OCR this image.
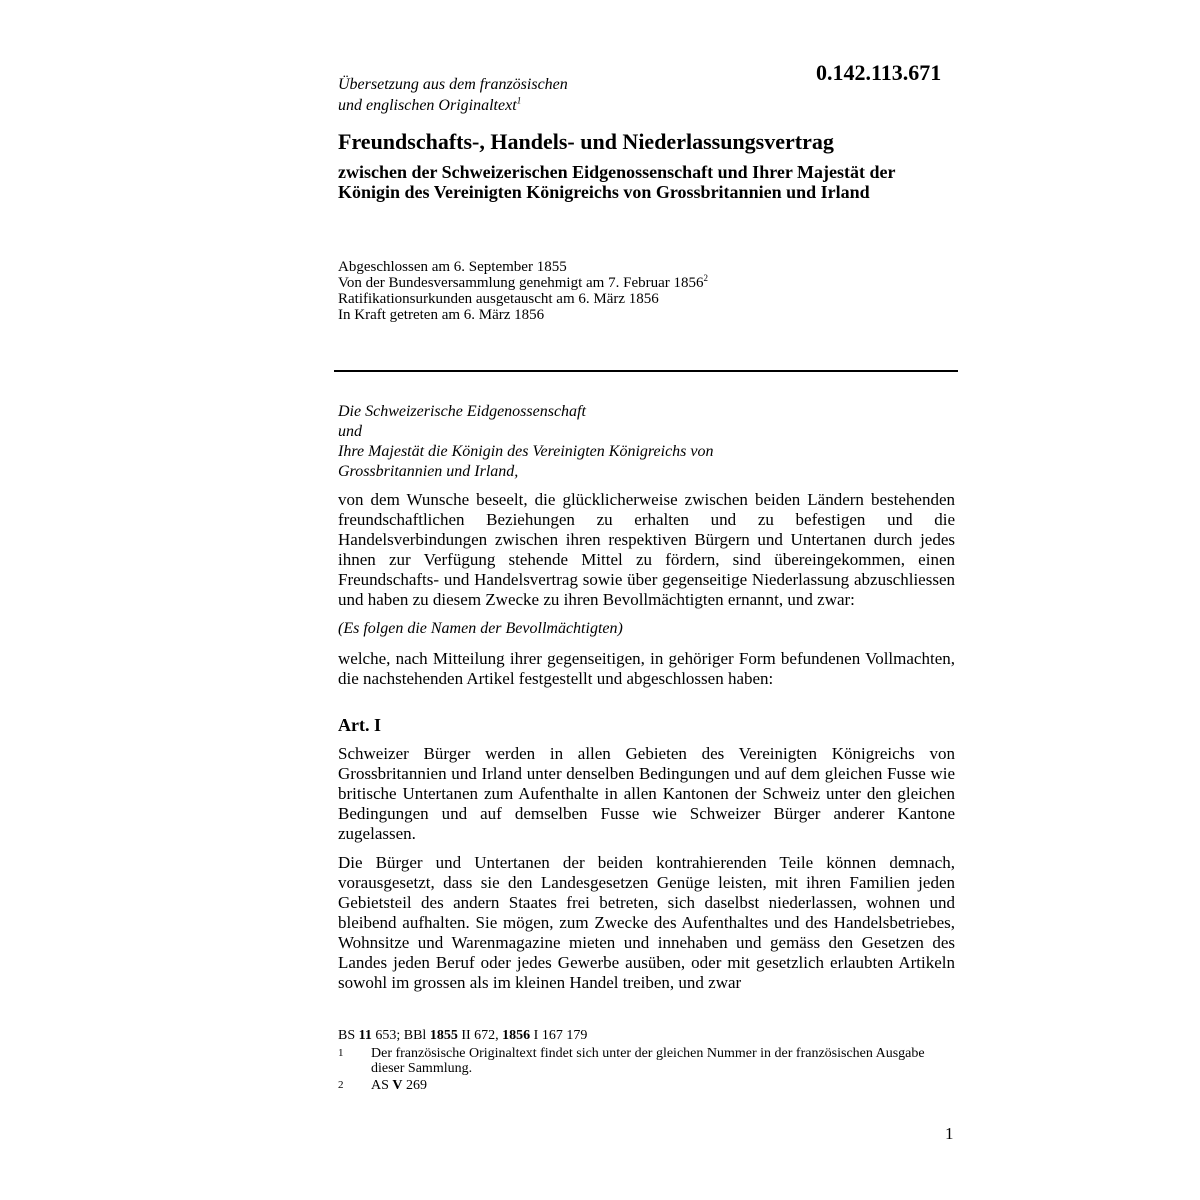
0.142.113.671
Übersetzung aus dem französischen
und englischen Originaltext$^1$
Freundschafts-, Handels- und Niederlassungsvertrag
zwischen der Schweizerischen Eidgenossenschaft und Ihrer Majestät der Königin des Vereinigten Königreichs von Grossbritannien und Irland
Abgeschlossen am 6. September 1855
Von der Bundesversammlung genehmigt am 7. Februar 1856$^2$
Ratifikationsurkunden ausgetauscht am 6. März 1856
In Kraft getreten am 6. März 1856
Die Schweizerische Eidgenossenschaft
und
Ihre Majestät die Königin des Vereinigten Königreichs von
Grossbritannien und Irland,
von dem Wunsche beseelt, die glücklicherweise zwischen beiden Ländern bestehenden freundschaftlichen Beziehungen zu erhalten und zu befestigen und die Handelsverbindungen zwischen ihren respektiven Bürgern und Untertanen durch jedes ihnen zur Verfügung stehende Mittel zu fördern, sind übereingekommen, einen Freundschafts- und Handelsvertrag sowie über gegenseitige Niederlassung abzuschliessen und haben zu diesem Zwecke zu ihren Bevollmächtigten ernannt, und zwar:
(Es folgen die Namen der Bevollmächtigten)
welche, nach Mitteilung ihrer gegenseitigen, in gehöriger Form befundenen Vollmachten, die nachstehenden Artikel festgestellt und abgeschlossen haben:
Art. I
Schweizer Bürger werden in allen Gebieten des Vereinigten Königreichs von Grossbritannien und Irland unter denselben Bedingungen und auf dem gleichen Fusse wie britische Untertanen zum Aufenthalte in allen Kantonen der Schweiz unter den gleichen Bedingungen und auf demselben Fusse wie Schweizer Bürger anderer Kantone zugelassen.
Die Bürger und Untertanen der beiden kontrahierenden Teile können demnach, vorausgesetzt, dass sie den Landesgesetzen Genüge leisten, mit ihren Familien jeden Gebietsteil des andern Staates frei betreten, sich daselbst niederlassen, wohnen und bleibend aufhalten. Sie mögen, zum Zwecke des Aufenthaltes und des Handelsbetriebes, Wohnsitze und Warenmagazine mieten und innehaben und gemäss den Gesetzen des Landes jeden Beruf oder jedes Gewerbe ausüben, oder mit gesetzlich erlaubten Artikeln sowohl im grossen als im kleinen Handel treiben, und zwar
BS 11 653; BBl 1855 II 672, 1856 I 167 179
1 Der französische Originaltext findet sich unter der gleichen Nummer in der französischen Ausgabe dieser Sammlung.
2 AS V 269
1
